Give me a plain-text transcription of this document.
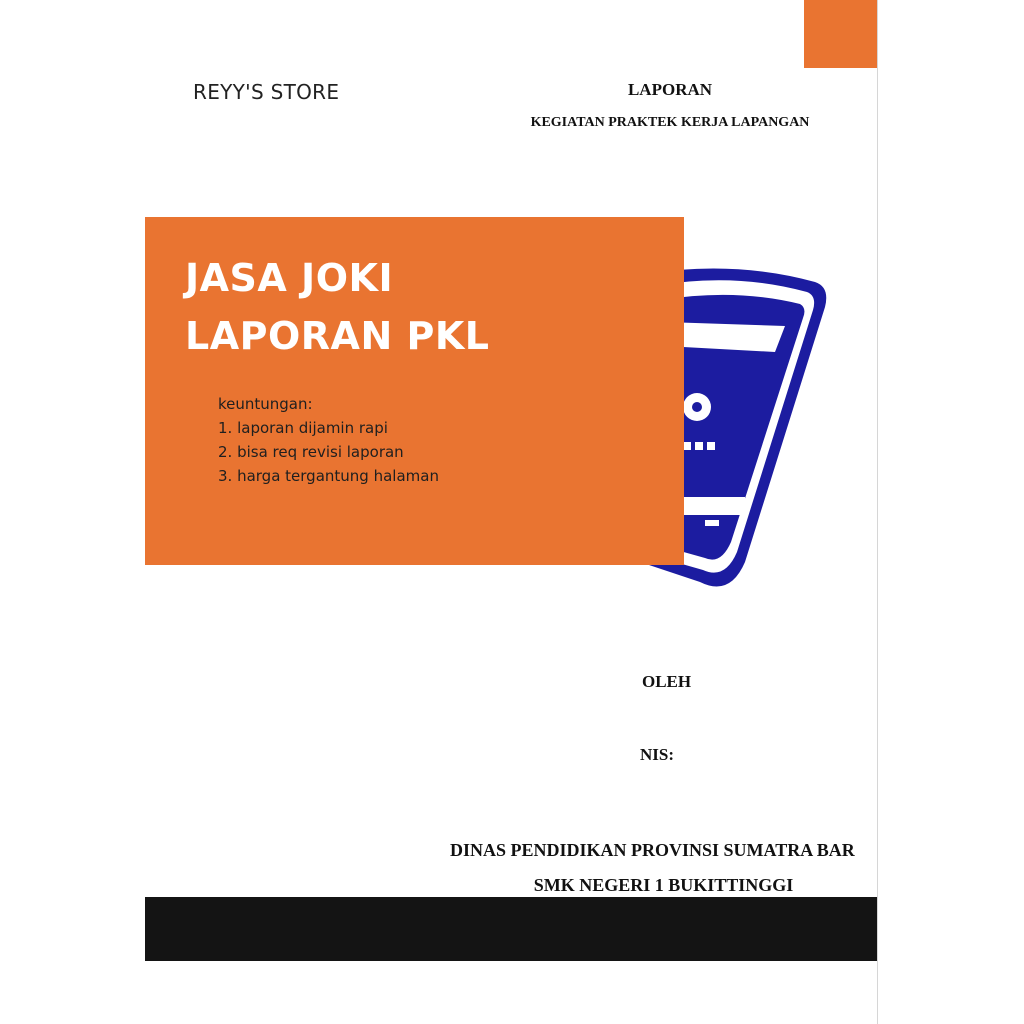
REYY'S STORE	LAPORAN
KEGIATAN PRAKTEK KERJA LAPANGAN
J
JASA JOKI
LAPORAN PKL
keuntungan:
1. laporan dijamin rapi
2. bisa req revisi laporan
3. harga tergantung halaman
OLEH
NIS:
DINAS PENDIDIKAN PROVINSI SUMATRA BAR
SMK NEGERI 1 BUKITTINGGI
